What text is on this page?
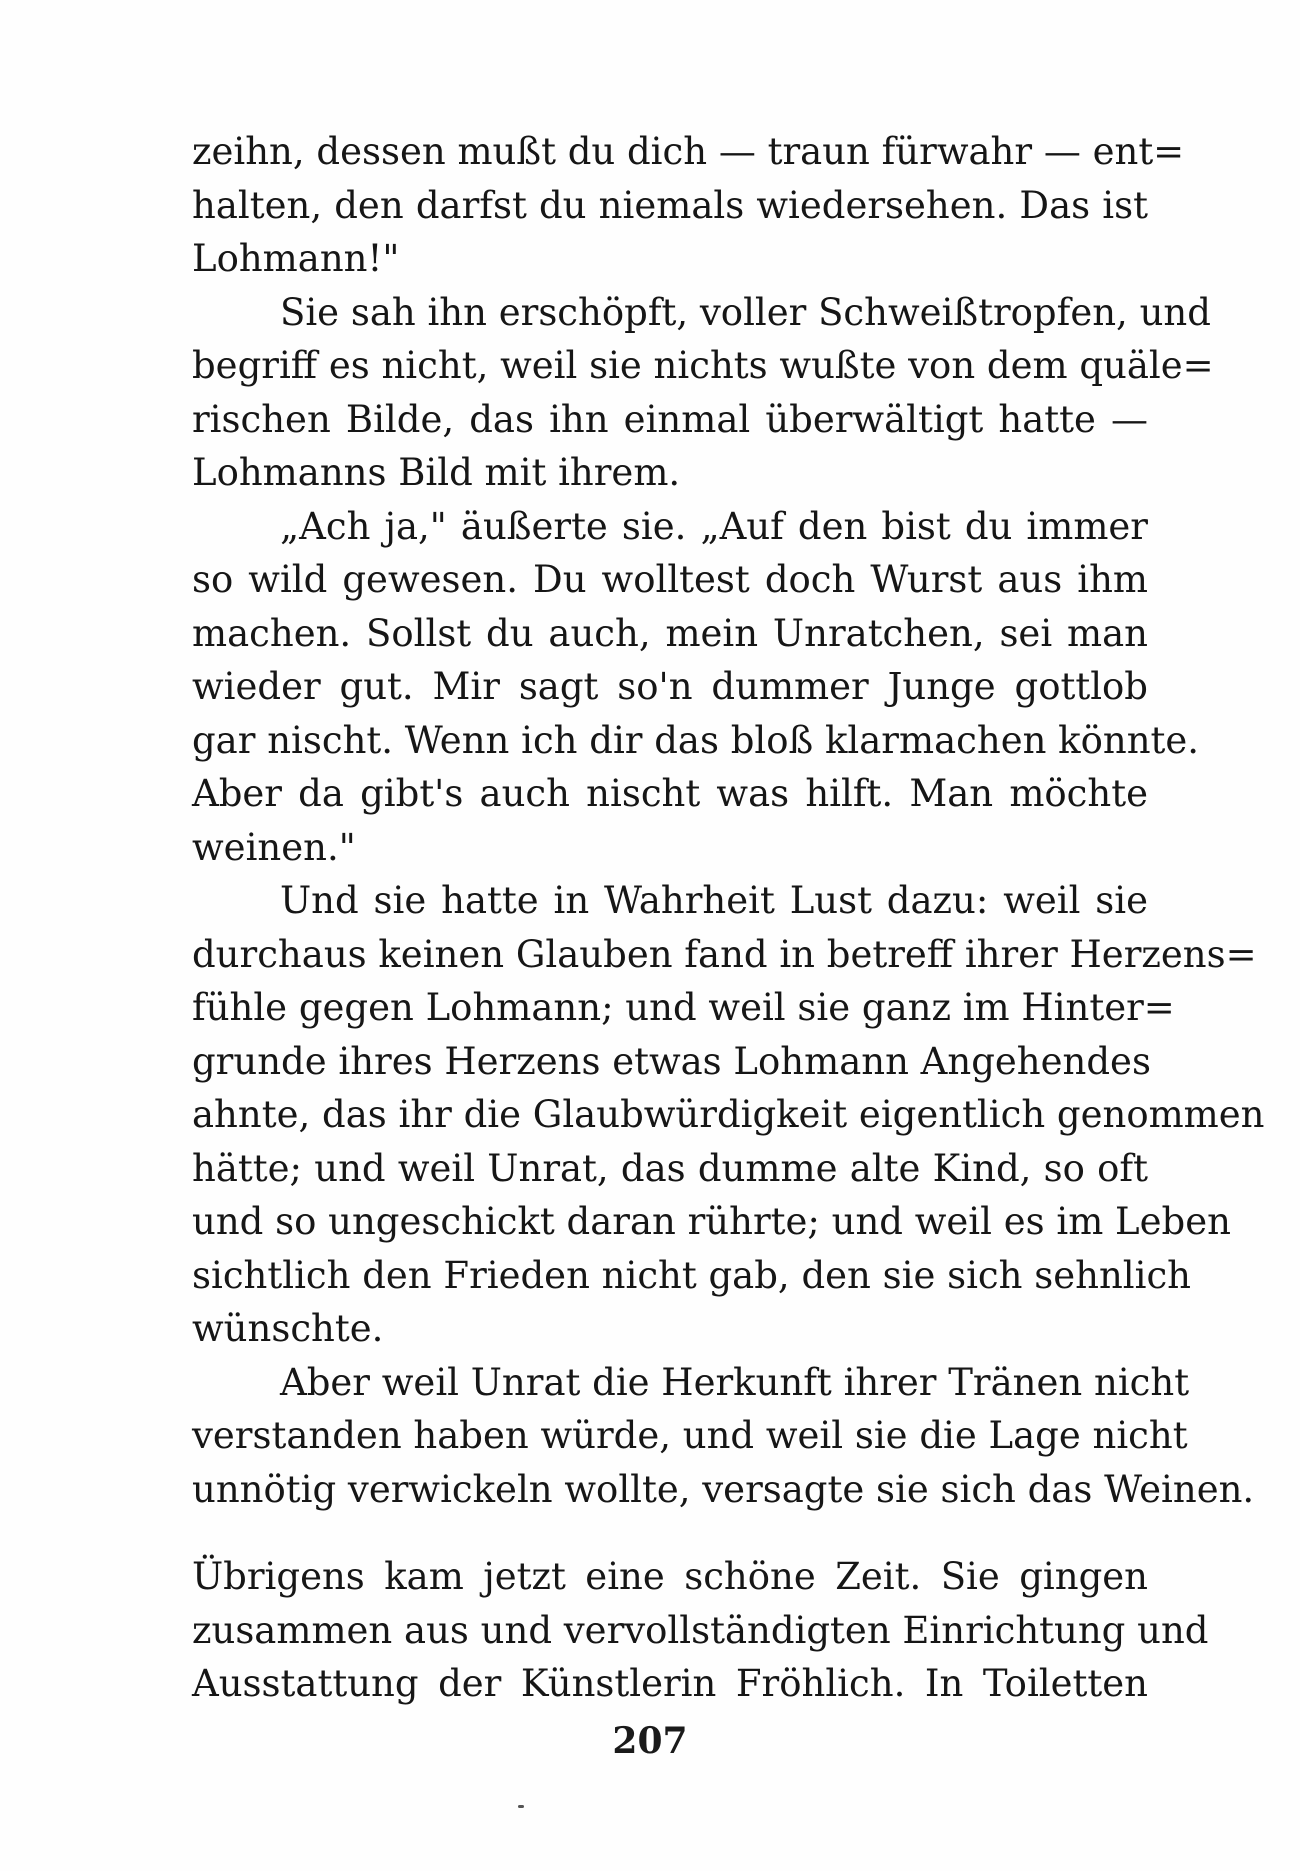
zeihn, dessen mußt du dich — traun fürwahr — ent=
halten, den darfst du niemals wiedersehen. Das ist
Lohmann!"
Sie sah ihn erschöpft, voller Schweißtropfen, und
begriff es nicht, weil sie nichts wußte von dem quäle=
rischen Bilde, das ihn einmal überwältigt hatte —
Lohmanns Bild mit ihrem.
„Ach ja," äußerte sie. „Auf den bist du immer
so wild gewesen. Du wolltest doch Wurst aus ihm
machen. Sollst du auch, mein Unratchen, sei man
wieder gut. Mir sagt so'n dummer Junge gottlob
gar nischt. Wenn ich dir das bloß klarmachen könnte.
Aber da gibt's auch nischt was hilft. Man möchte
weinen."
Und sie hatte in Wahrheit Lust dazu: weil sie
durchaus keinen Glauben fand in betreff ihrer Herzens=
fühle gegen Lohmann; und weil sie ganz im Hinter=
grunde ihres Herzens etwas Lohmann Angehendes
ahnte, das ihr die Glaubwürdigkeit eigentlich genommen
hätte; und weil Unrat, das dumme alte Kind, so oft
und so ungeschickt daran rührte; und weil es im Leben
sichtlich den Frieden nicht gab, den sie sich sehnlich
wünschte.
Aber weil Unrat die Herkunft ihrer Tränen nicht
verstanden haben würde, und weil sie die Lage nicht
unnötig verwickeln wollte, versagte sie sich das Weinen.
Übrigens kam jetzt eine schöne Zeit. Sie gingen
zusammen aus und vervollständigten Einrichtung und
Ausstattung der Künstlerin Fröhlich. In Toiletten
207
